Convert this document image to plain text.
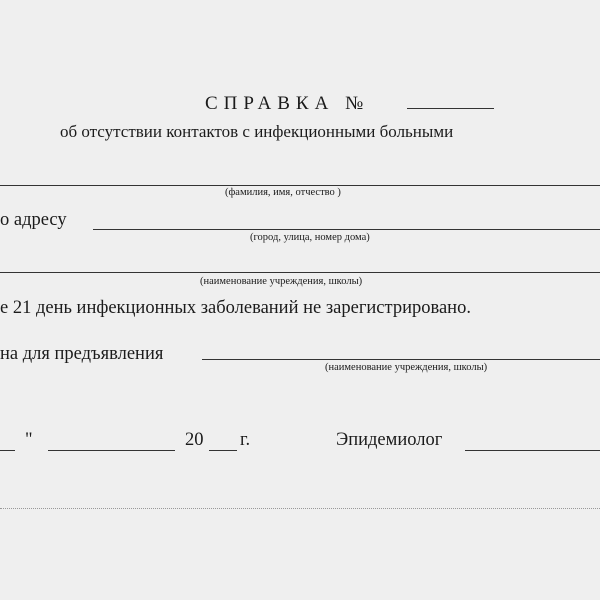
СПРАВКА №
об отсутствии контактов с инфекционными больными
(фамилия, имя, отчество )
о адресу
(город, улица, номер дома)
(наименование учреждения, школы)
е 21 день инфекционных заболеваний не зарегистрировано.
на для предъявления
(наименование учреждения, школы)
"	20 г.	Эпидемиолог
